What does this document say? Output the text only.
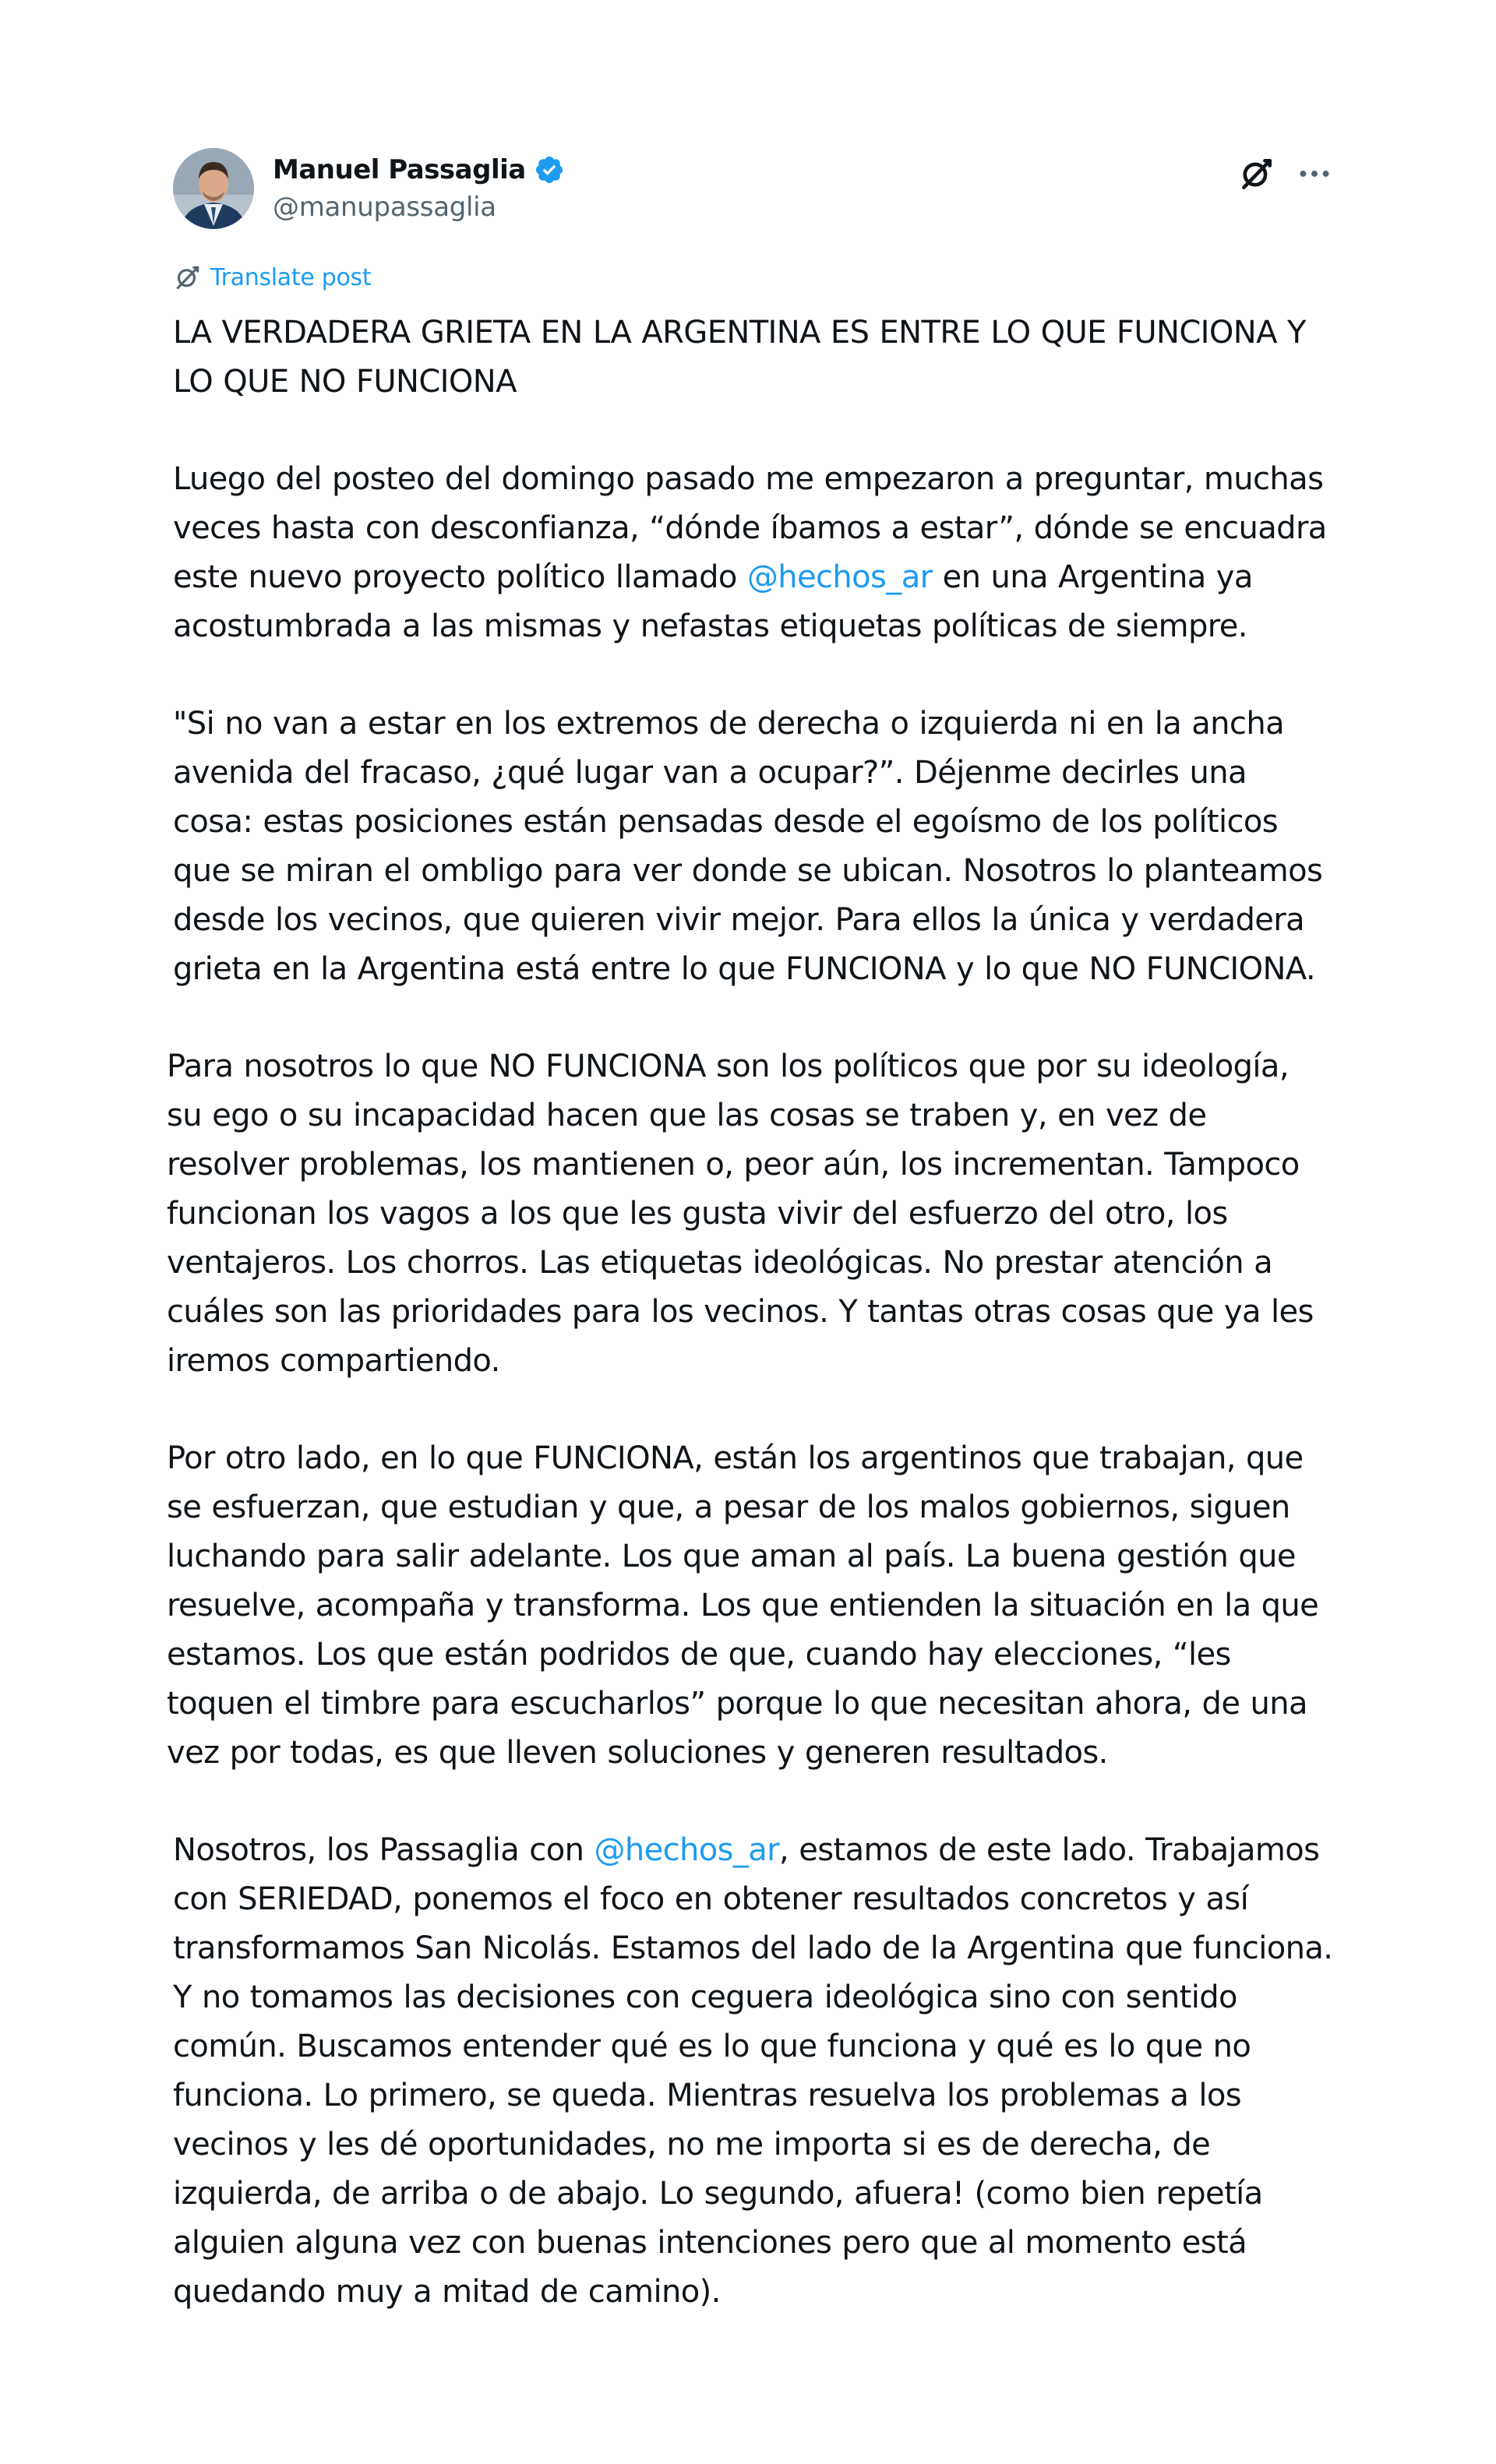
Manuel Passaglia
@manupassaglia
Translate post

LA VERDADERA GRIETA EN LA ARGENTINA ES ENTRE LO QUE FUNCIONA Y LO QUE NO FUNCIONA

Luego del posteo del domingo pasado me empezaron a preguntar, muchas veces hasta con desconfianza, “dónde íbamos a estar”, dónde se encuadra este nuevo proyecto político llamado @hechos_ar en una Argentina ya acostumbrada a las mismas y nefastas etiquetas políticas de siempre.

"Si no van a estar en los extremos de derecha o izquierda ni en la ancha avenida del fracaso, ¿qué lugar van a ocupar?”. Déjenme decirles una cosa: estas posiciones están pensadas desde el egoísmo de los políticos que se miran el ombligo para ver donde se ubican. Nosotros lo planteamos desde los vecinos, que quieren vivir mejor. Para ellos la única y verdadera grieta en la Argentina está entre lo que FUNCIONA y lo que NO FUNCIONA.

Para nosotros lo que NO FUNCIONA son los políticos que por su ideología, su ego o su incapacidad hacen que las cosas se traben y, en vez de resolver problemas, los mantienen o, peor aún, los incrementan. Tampoco funcionan los vagos a los que les gusta vivir del esfuerzo del otro, los ventajeros. Los chorros. Las etiquetas ideológicas. No prestar atención a cuáles son las prioridades para los vecinos. Y tantas otras cosas que ya les iremos compartiendo.

Por otro lado, en lo que FUNCIONA, están los argentinos que trabajan, que se esfuerzan, que estudian y que, a pesar de los malos gobiernos, siguen luchando para salir adelante. Los que aman al país. La buena gestión que resuelve, acompaña y transforma. Los que entienden la situación en la que estamos. Los que están podridos de que, cuando hay elecciones, “les toquen el timbre para escucharlos” porque lo que necesitan ahora, de una vez por todas, es que lleven soluciones y generen resultados.

Nosotros, los Passaglia con @hechos_ar, estamos de este lado. Trabajamos con SERIEDAD, ponemos el foco en obtener resultados concretos y así transformamos San Nicolás. Estamos del lado de la Argentina que funciona. Y no tomamos las decisiones con ceguera ideológica sino con sentido común. Buscamos entender qué es lo que funciona y qué es lo que no funciona. Lo primero, se queda. Mientras resuelva los problemas a los vecinos y les dé oportunidades, no me importa si es de derecha, de izquierda, de arriba o de abajo. Lo segundo, afuera! (como bien repetía alguien alguna vez con buenas intenciones pero que al momento está quedando muy a mitad de camino).
